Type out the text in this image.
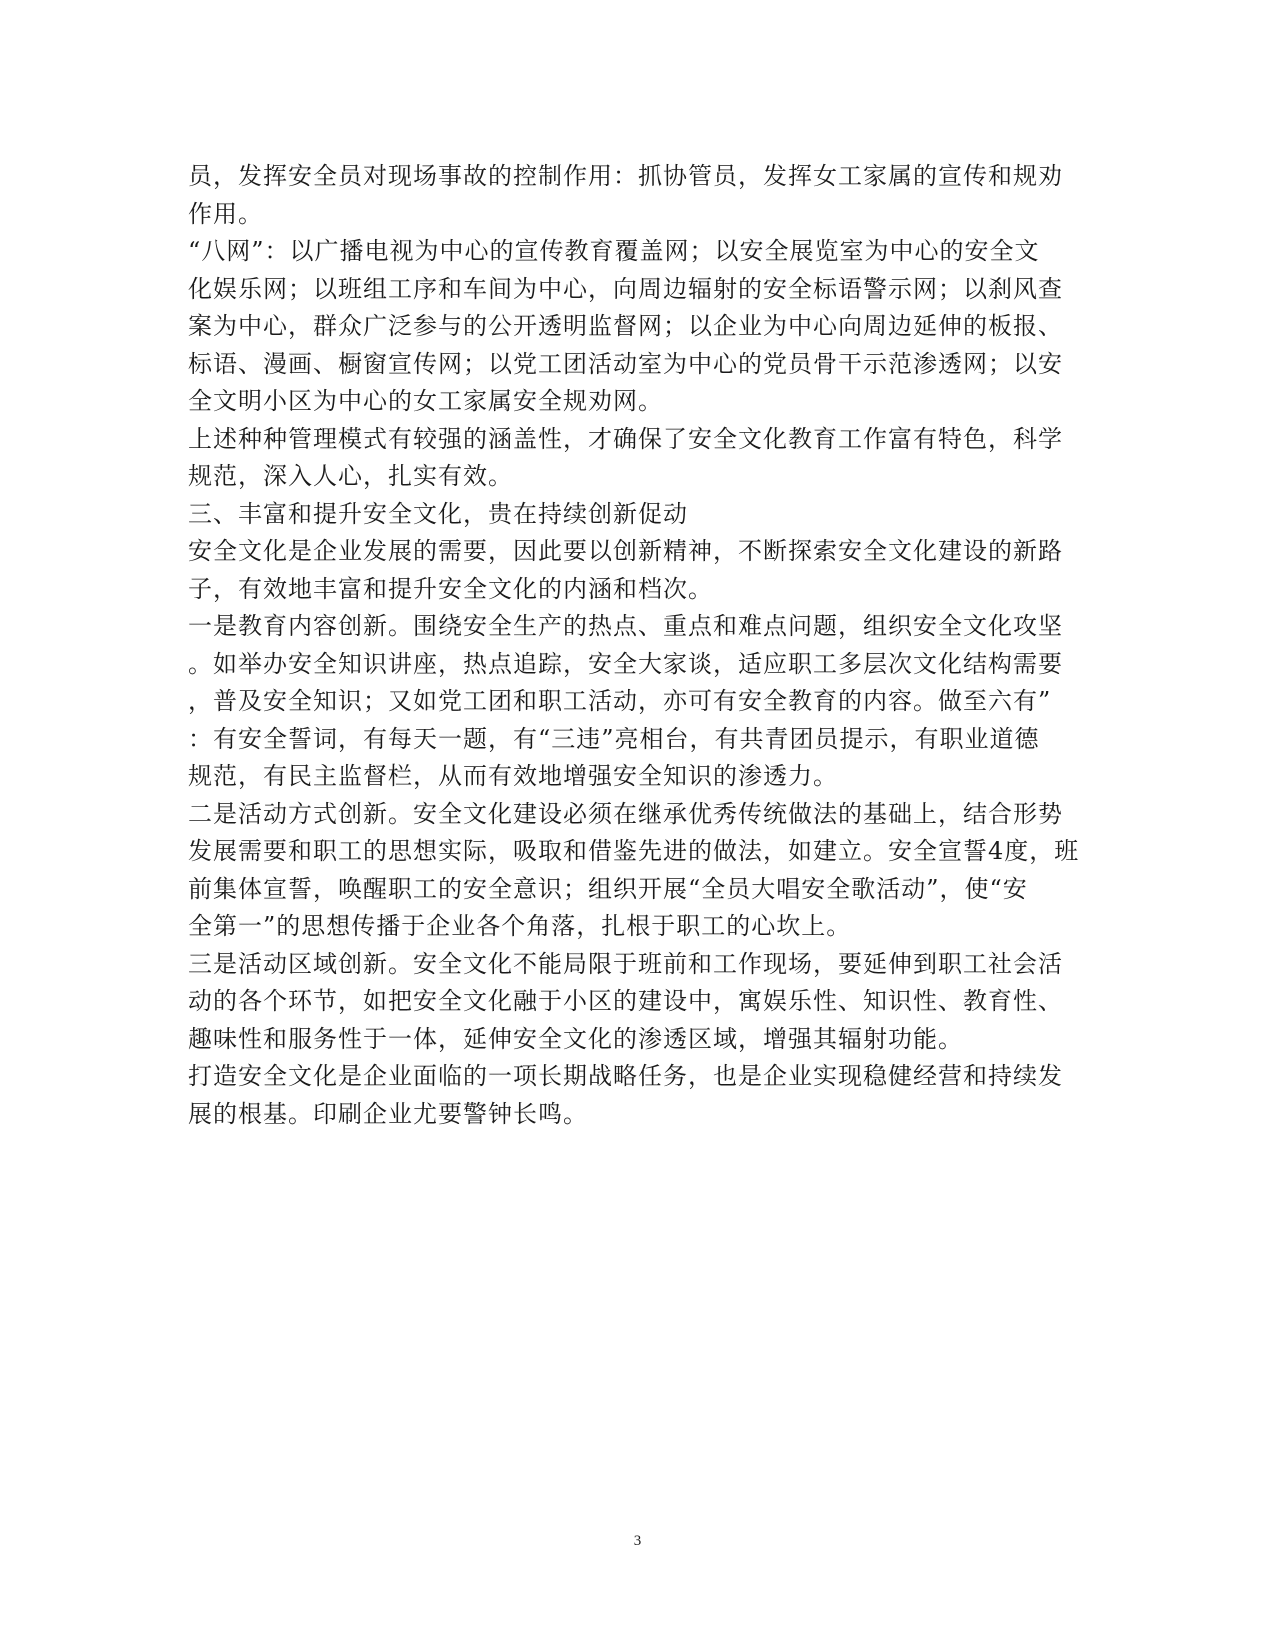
员，发挥安全员对现场事故的控制作用：抓协管员，发挥女工家属的宣传和规劝
作用。
“八网”：以广播电视为中心的宣传教育覆盖网；以安全展览室为中心的安全文
化娱乐网；以班组工序和车间为中心，向周边辐射的安全标语警示网；以刹风查
案为中心，群众广泛参与的公开透明监督网；以企业为中心向周边延伸的板报、
标语、漫画、橱窗宣传网；以党工团活动室为中心的党员骨干示范渗透网；以安
全文明小区为中心的女工家属安全规劝网。
上述种种管理模式有较强的涵盖性，才确保了安全文化教育工作富有特色，科学
规范，深入人心，扎实有效。
三、丰富和提升安全文化，贵在持续创新促动
安全文化是企业发展的需要，因此要以创新精神，不断探索安全文化建设的新路
子，有效地丰富和提升安全文化的内涵和档次。
一是教育内容创新。围绕安全生产的热点、重点和难点问题，组织安全文化攻坚
。如举办安全知识讲座，热点追踪，安全大家谈，适应职工多层次文化结构需要
，普及安全知识；又如党工团和职工活动，亦可有安全教育的内容。做至六有”
：有安全誓词，有每天一题，有“三违”亮相台，有共青团员提示，有职业道德
规范，有民主监督栏，从而有效地增强安全知识的渗透力。
二是活动方式创新。安全文化建设必须在继承优秀传统做法的基础上，结合形势
发展需要和职工的思想实际，吸取和借鉴先进的做法，如建立。安全宣誓4度，班
前集体宣誓，唤醒职工的安全意识；组织开展“全员大唱安全歌活动”，使“安
全第一”的思想传播于企业各个角落，扎根于职工的心坎上。
三是活动区域创新。安全文化不能局限于班前和工作现场，要延伸到职工社会活
动的各个环节，如把安全文化融于小区的建设中，寓娱乐性、知识性、教育性、
趣味性和服务性于一体，延伸安全文化的渗透区域，增强其辐射功能。
打造安全文化是企业面临的一项长期战略任务，也是企业实现稳健经营和持续发
展的根基。印刷企业尤要警钟长鸣。
3
